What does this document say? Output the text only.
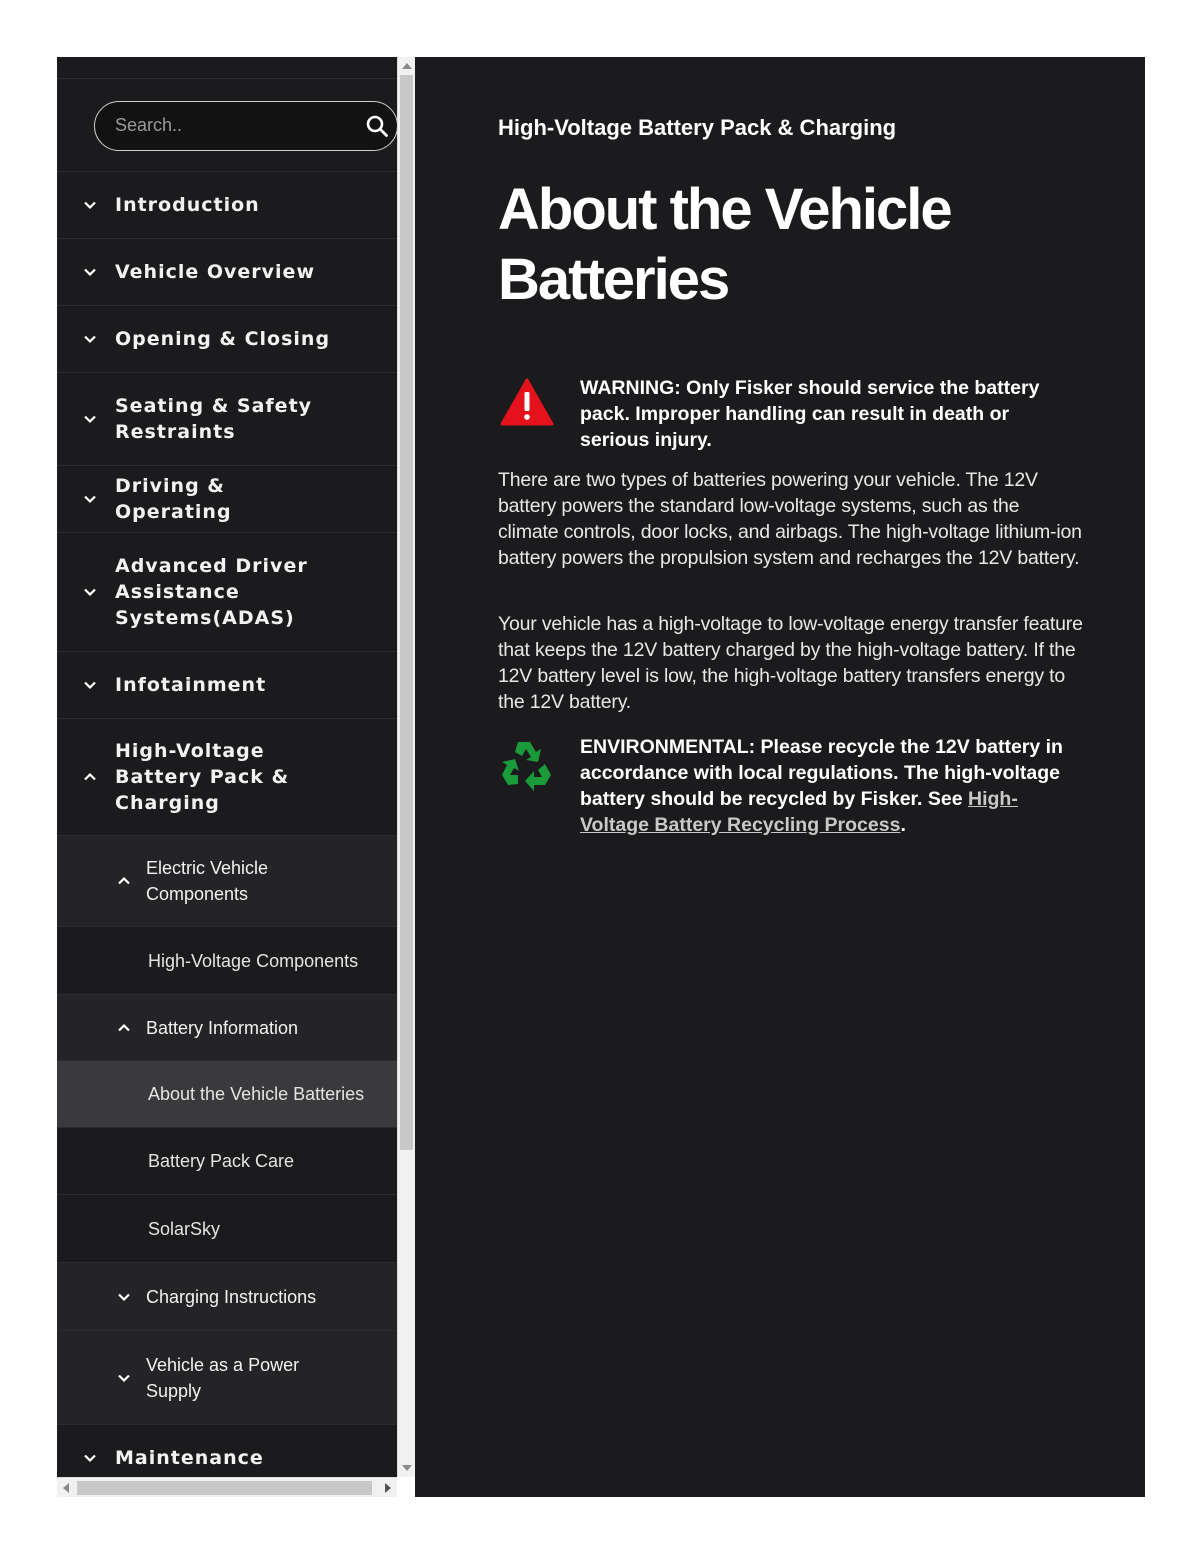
Search..
Introduction
Vehicle Overview
Opening & Closing
Seating & Safety Restraints
Driving & Operating
Advanced Driver Assistance Systems(ADAS)
Infotainment
High-Voltage Battery Pack & Charging
Electric Vehicle Components
High-Voltage Components
Battery Information
About the Vehicle Batteries
Battery Pack Care
SolarSky
Charging Instructions
Vehicle as a Power Supply
Maintenance
High-Voltage Battery Pack & Charging
About the Vehicle Batteries

WARNING: Only Fisker should service the battery pack. Improper handling can result in death or serious injury.

There are two types of batteries powering your vehicle. The 12V battery powers the standard low-voltage systems, such as the climate controls, door locks, and airbags. The high-voltage lithium-ion battery powers the propulsion system and recharges the 12V battery.

Your vehicle has a high-voltage to low-voltage energy transfer feature that keeps the 12V battery charged by the high-voltage battery. If the 12V battery level is low, the high-voltage battery transfers energy to the 12V battery.

ENVIRONMENTAL: Please recycle the 12V battery in accordance with local regulations. The high-voltage battery should be recycled by Fisker. See High-Voltage Battery Recycling Process.
